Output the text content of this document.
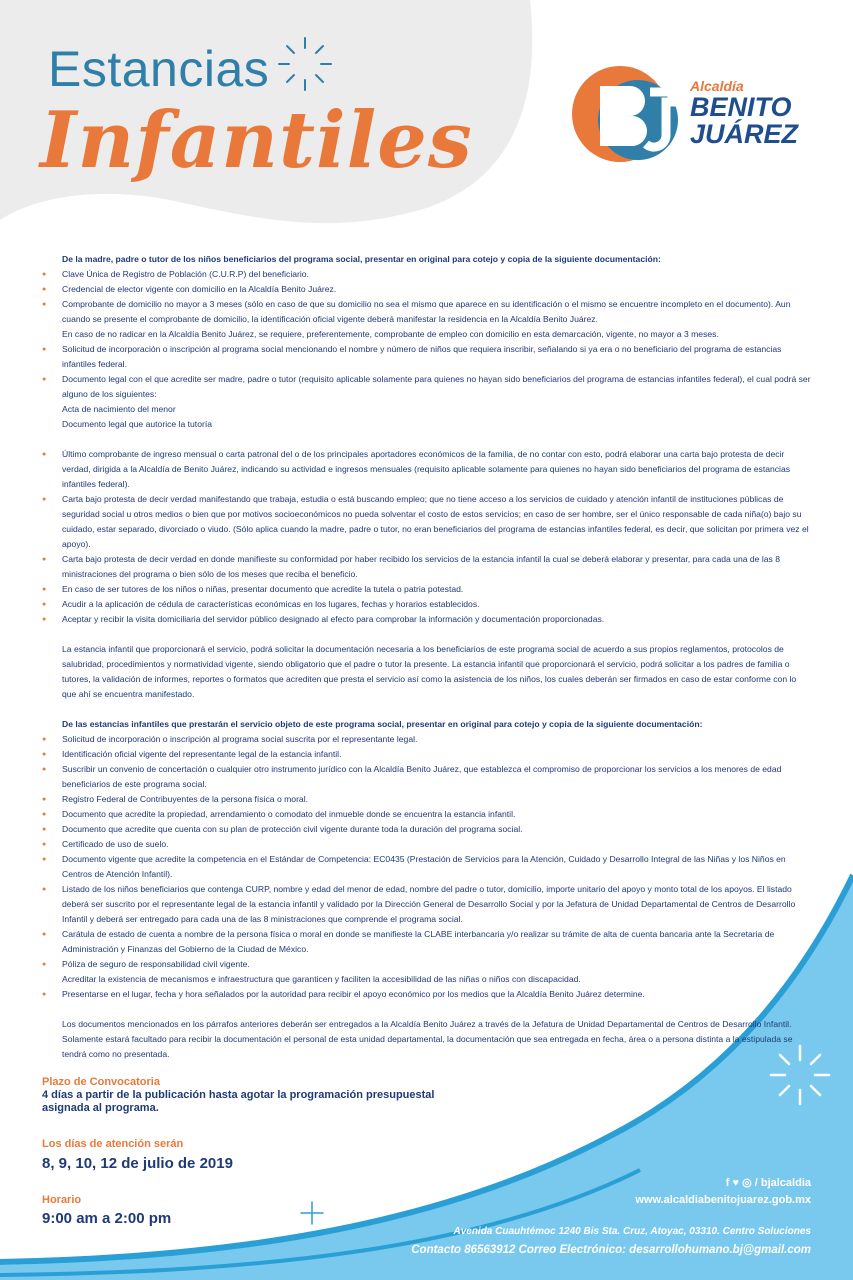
Estancias
Infantiles
Alcaldía
BENITO
JUÁREZ

De la madre, padre o tutor de los niños beneficiarios del programa social, presentar en original para cotejo y copia de la siguiente documentación:

● Clave Única de Registro de Población (C.U.R.P) del beneficiario.
● Credencial de elector vigente con domicilio en la Alcaldía Benito Juárez.
● Comprobante de domicilio no mayor a 3 meses (sólo en caso de que su domicilio no sea el mismo que aparece en su identificación o el mismo se encuentre incompleto en el documento). Aun cuando se presente el comprobante de domicilio, la identificación oficial vigente deberá manifestar la residencia en la Alcaldía Benito Juárez.
En caso de no radicar en la Alcaldía Benito Juárez, se requiere, preferentemente, comprobante de empleo con domicilio en esta demarcación, vigente, no mayor a 3 meses.
● Solicitud de incorporación o inscripción al programa social mencionando el nombre y número de niños que requiera inscribir, señalando si ya era o no beneficiario del programa de estancias infantiles federal.
● Documento legal con el que acredite ser madre, padre o tutor (requisito aplicable solamente para quienes no hayan sido beneficiarios del programa de estancias infantiles federal), el cual podrá ser alguno de los siguientes:
Acta de nacimiento del menor
Documento legal que autorice la tutoría
● Último comprobante de ingreso mensual o carta patronal del o de los principales aportadores económicos de la familia, de no contar con esto, podrá elaborar una carta bajo protesta de decir verdad, dirigida a la Alcaldía de Benito Juárez, indicando su actividad e ingresos mensuales (requisito aplicable solamente para quienes no hayan sido beneficiarios del programa de estancias infantiles federal).
● Carta bajo protesta de decir verdad manifestando que trabaja, estudia o está buscando empleo; que no tiene acceso a los servicios de cuidado y atención infantil de instituciones públicas de seguridad social u otros medios o bien que por motivos socioeconómicos no pueda solventar el costo de estos servicios; en caso de ser hombre, ser el único responsable de cada niña(o) bajo su cuidado, estar separado, divorciado o viudo. (Sólo aplica cuando la madre, padre o tutor, no eran beneficiarios del programa de estancias infantiles federal, es decir, que solicitan por primera vez el apoyo).
● Carta bajo protesta de decir verdad en donde manifieste su conformidad por haber recibido los servicios de la estancia infantil la cual se deberá elaborar y presentar, para cada una de las 8 ministraciones del programa o bien sólo de los meses que reciba el beneficio.
● En caso de ser tutores de los niños o niñas, presentar documento que acredite la tutela o patria potestad.
● Acudir a la aplicación de cédula de características económicas en los lugares, fechas y horarios establecidos.
● Aceptar y recibir la visita domiciliaria del servidor público designado al efecto para comprobar la información y documentación proporcionadas.

La estancia infantil que proporcionará el servicio, podrá solicitar la documentación necesaria a los beneficiarios de este programa social de acuerdo a sus propios reglamentos, protocolos de salubridad, procedimientos y normatividad vigente, siendo obligatorio que el padre o tutor la presente. La estancia infantil que proporcionará el servicio, podrá solicitar a los padres de familia o tutores, la validación de informes, reportes o formatos que acrediten que presta el servicio así como la asistencia de los niños, los cuales deberán ser firmados en caso de estar conforme con lo que ahí se encuentra manifestado.

De las estancias infantiles que prestarán el servicio objeto de este programa social, presentar en original para cotejo y copia de la siguiente documentación:

● Solicitud de incorporación o inscripción al programa social suscrita por el representante legal.
● Identificación oficial vigente del representante legal de la estancia infantil.
● Suscribir un convenio de concertación o cualquier otro instrumento jurídico con la Alcaldía Benito Juárez, que establezca el compromiso de proporcionar los servicios a los menores de edad beneficiarios de este programa social.
● Registro Federal de Contribuyentes de la persona física o moral.
● Documento que acredite la propiedad, arrendamiento o comodato del inmueble donde se encuentra la estancia infantil.
● Documento que acredite que cuenta con su plan de protección civil vigente durante toda la duración del programa social.
● Certificado de uso de suelo.
● Documento vigente que acredite la competencia en el Estándar de Competencia: EC0435 (Prestación de Servicios para la Atención, Cuidado y Desarrollo Integral de las Niñas y los Niños en Centros de Atención Infantil).
● Listado de los niños beneficiarios que contenga CURP, nombre y edad del menor de edad, nombre del padre o tutor, domicilio, importe unitario del apoyo y monto total de los apoyos. El listado deberá ser suscrito por el representante legal de la estancia infantil y validado por la Dirección General de Desarrollo Social y por la Jefatura de Unidad Departamental de Centros de Desarrollo Infantil y deberá ser entregado para cada una de las 8 ministraciones que comprende el programa social.
● Carátula de estado de cuenta a nombre de la persona física o moral en donde se manifieste la CLABE interbancaria y/o realizar su trámite de alta de cuenta bancaria ante la Secretaria de Administración y Finanzas del Gobierno de la Ciudad de México.
● Póliza de seguro de responsabilidad civil vigente.
Acreditar la existencia de mecanismos e infraestructura que garanticen y faciliten la accesibilidad de las niñas o niños con discapacidad.
● Presentarse en el lugar, fecha y hora señalados por la autoridad para recibir el apoyo económico por los medios que la Alcaldía Benito Juárez determine.

Los documentos mencionados en los párrafos anteriores deberán ser entregados a la Alcaldía Benito Juárez a través de la Jefatura de Unidad Departamental de Centros de Desarrollo Infantil. Solamente estará facultado para recibir la documentación el personal de esta unidad departamental, la documentación que sea entregada en fecha, área o a persona distinta a la estipulada se tendrá como no presentada.

Plazo de Convocatoria
4 días a partir de la publicación hasta agotar la programación presupuestal
asignada al programa.
Los días de atención serán
8, 9, 10, 12 de julio de 2019
Horario
9:00 am a 2:00 pm
f ♥ ◎ / bjalcaldia
www.alcaldiabenitojuarez.gob.mx
Avenida Cuauhtémoc 1240 Bis Sta. Cruz, Atoyac, 03310. Centro Soluciones
Contacto 86563912 Correo Electrónico: desarrollohumano.bj@gmail.com
